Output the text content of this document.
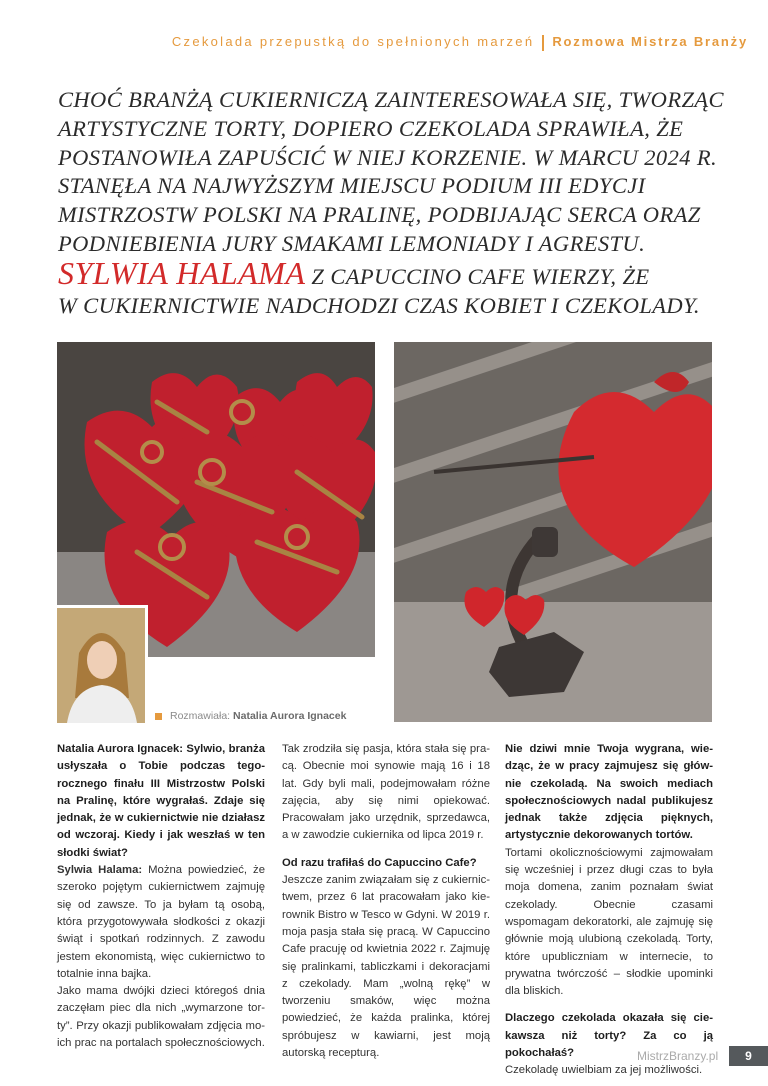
Czekolada przepustką do spełnionych marzeń Rozmowa Mistrza Branży

CHOĆ BRANŻĄ CUKIERNICZĄ ZAINTERESOWAŁA SIĘ, TWORZĄC

ARTYSTYCZNE TORTY, DOPIERO CZEKOLADA SPRAWIŁA, ŻE

POSTANOWIŁA ZAPUŚCIĆ W NIEJ KORZENIE. W MARCU 2024 R.

STANĘŁA NA NAJWYŻSZYM MIEJSCU PODIUM III EDYCJI

MISTRZOSTW POLSKI NA PRALINĘ, PODBIJAJĄC SERCA ORAZ

PODNIEBIENIA JURY SMAKAMI LEMONIADY I AGRESTU.

SYLWIA HALAMA Z CAPUCCINO CAFE WIERZY, ŻE

W CUKIERNICTWIE NADCHODZI CZAS KOBIET I CZEKOLADY.

Rozmawiała: Natalia Aurora Ignacek

Natalia Aurora Ignacek: Sylwio, branża usłyszała o Tobie podczas tegorocznego finału III Mistrzostw Polski na Pralinę, które wygrałaś. Zdaje się jednak, że w cukiernictwie nie działasz od wczoraj. Kiedy i jak weszłaś w ten słodki świat?

Sylwia Halama: Można powiedzieć, że szeroko pojętym cukiernictwem zajmuję się od zawsze. To ja byłam tą osobą, która przygotowywała słodkości z okazji świąt i spotkań rodzinnych. Z zawodu jestem ekonomistą, więc cukiernictwo to totalnie inna bajka.

Jako mama dwójki dzieci któregoś dnia zaczęłam piec dla nich „wymarzone torty”. Przy okazji publikowałam zdjęcia moich prac na portalach społecznościowych.

Tak zrodziła się pasja, która stała się pracą. Obecnie moi synowie mają 16 i 18 lat. Gdy byli mali, podejmowałam różne zajęcia, aby się nimi opiekować. Pracowałam jako urzędnik, sprzedawca, a w zawodzie cukiernika od lipca 2019 r.

Od razu trafiłaś do Capuccino Cafe?

Jeszcze zanim związałam się z cukiernictwem, przez 6 lat pracowałam jako kierownik Bistro w Tesco w Gdyni. W 2019 r. moja pasja stała się pracą. W Capuccino Cafe pracuję od kwietnia 2022 r. Zajmuję się pralinkami, tabliczkami i dekoracjami z czekolady. Mam „wolną rękę” w tworzeniu smaków, więc można powiedzieć, że każda pralinka, której spróbujesz w kawiarni, jest moją autorską recepturą.

Nie dziwi mnie Twoja wygrana, wiedząc, że w pracy zajmujesz się głównie czekoladą. Na swoich mediach społecznościowych nadal publikujesz jednak także zdjęcia pięknych, artystycznie dekorowanych tortów.

Tortami okolicznościowymi zajmowałam się wcześniej i przez długi czas to była moja domena, zanim poznałam świat czekolady. Obecnie czasami wspomagam dekoratorki, ale zajmuję się głównie moją ulubioną czekoladą. Torty, które upubliczniam w internecie, to prywatna twórczość – słodkie upominki dla bliskich.

Dlaczego czekolada okazała się ciekawsza niż torty? Za co ją pokochałaś?

Czekoladę uwielbiam za jej możliwości.

MistrzBranzy.pl	9
